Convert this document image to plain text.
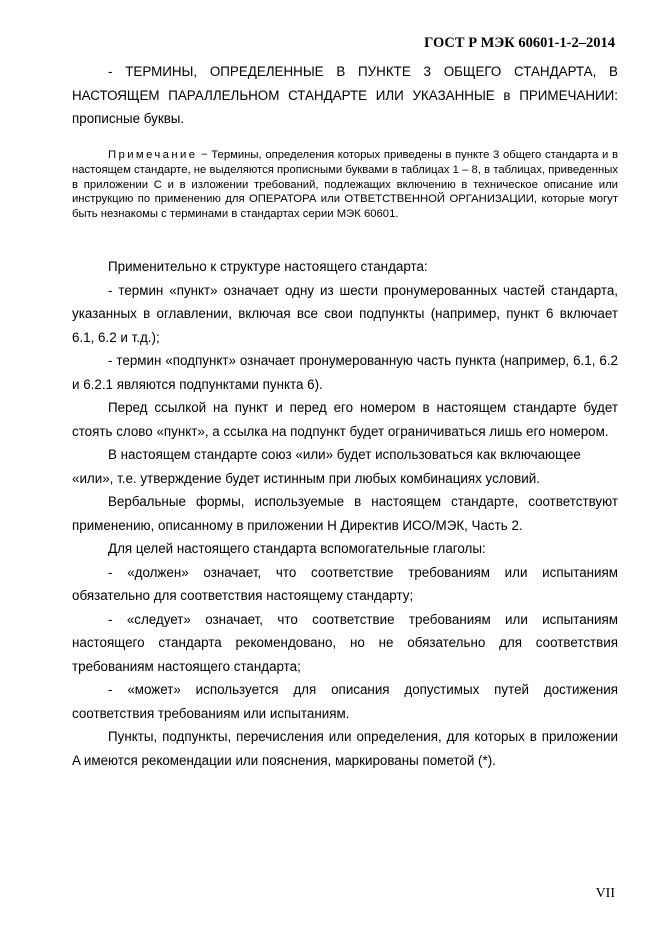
ГОСТ Р МЭК 60601-1-2–2014

- ТЕРМИНЫ, ОПРЕДЕЛЕННЫЕ В ПУНКТЕ 3 ОБЩЕГО СТАНДАРТА, В НАСТОЯЩЕМ ПАРАЛЛЕЛЬНОМ СТАНДАРТЕ ИЛИ УКАЗАННЫЕ в ПРИМЕЧАНИИ: прописные буквы.

Примечание − Термины, определения которых приведены в пункте 3 общего стандарта и в настоящем стандарте, не выделяются прописными буквами в таблицах 1 – 8, в таблицах, приведенных в приложении C и в изложении требований, подлежащих включению в техническое описание или инструкцию по применению для ОПЕРАТОРА или ОТВЕТСТВЕННОЙ ОРГАНИЗАЦИИ, которые могут быть незнакомы с терминами в стандартах серии МЭК 60601.

Применительно к структуре настоящего стандарта:

- термин «пункт» означает одну из шести пронумерованных частей стандарта, указанных в оглавлении, включая все свои подпункты (например, пункт 6 включает 6.1, 6.2 и т.д.);

- термин «подпункт» означает пронумерованную часть пункта (например, 6.1, 6.2 и 6.2.1 являются подпунктами пункта 6).

Перед ссылкой на пункт и перед его номером в настоящем стандарте будет стоять слово «пункт», а ссылка на подпункт будет ограничиваться лишь его номером.

В настоящем стандарте союз «или» будет использоваться как включающее

«или», т.е. утверждение будет истинным при любых комбинациях условий.

Вербальные формы, используемые в настоящем стандарте, соответствуют применению, описанному в приложении H Директив ИСО/МЭК, Часть 2.

Для целей настоящего стандарта вспомогательные глаголы:

- «должен» означает, что соответствие требованиям или испытаниям обязательно для соответствия настоящему стандарту;

- «следует» означает, что соответствие требованиям или испытаниям настоящего стандарта рекомендовано, но не обязательно для соответствия требованиям настоящего стандарта;

- «может» используется для описания допустимых путей достижения соответствия требованиям или испытаниям.

Пункты, подпункты, перечисления или определения, для которых в приложении A имеются рекомендации или пояснения, маркированы пометой (*).

VII
